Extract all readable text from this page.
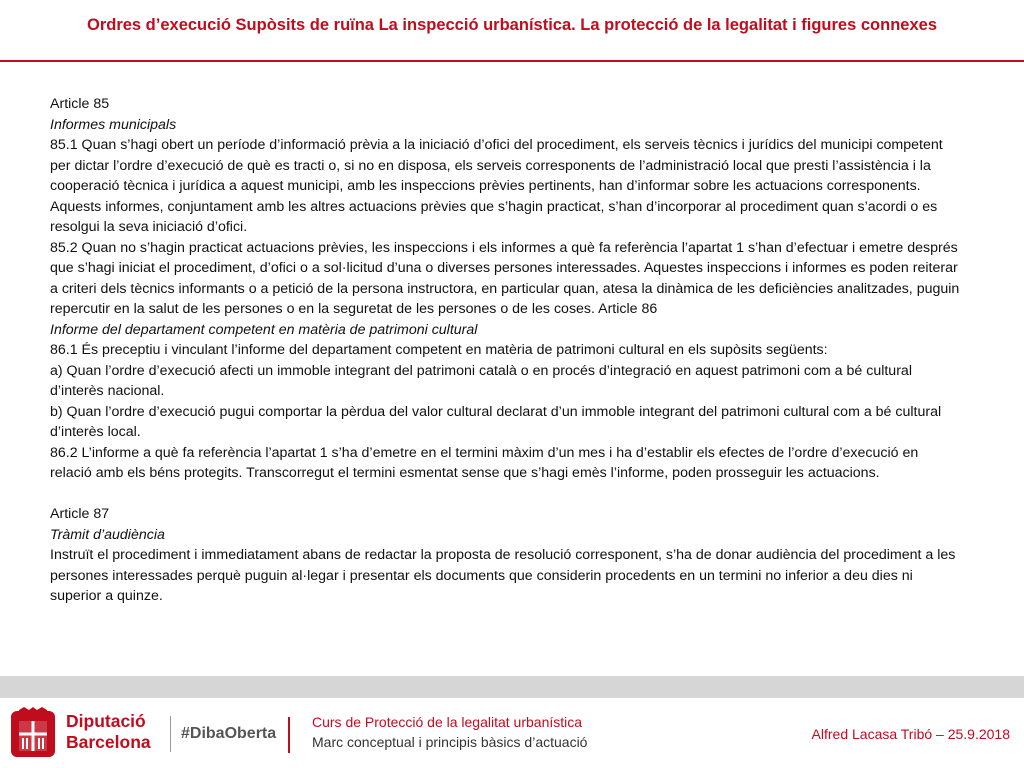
Ordres d’execució Supòsits de ruïna La inspecció urbanística. La protecció de la legalitat i figures connexes

Article 85

Informes municipals

85.1 Quan s’hagi obert un període d’informació prèvia a la iniciació d’ofici del procediment, els serveis tècnics i jurídics del municipi competent per dictar l’ordre d’execució de què es tracti o, si no en disposa, els serveis corresponents de l’administració local que presti l’assistència i la cooperació tècnica i jurídica a aquest municipi, amb les inspeccions prèvies pertinents, han d’informar sobre les actuacions corresponents. Aquests informes, conjuntament amb les altres actuacions prèvies que s’hagin practicat, s’han d’incorporar al procediment quan s’acordi o es resolgui la seva iniciació d’ofici.

85.2 Quan no s’hagin practicat actuacions prèvies, les inspeccions i els informes a què fa referència l’apartat 1 s’han d’efectuar i emetre després que s’hagi iniciat el procediment, d’ofici o a sol·licitud d’una o diverses persones interessades. Aquestes inspeccions i informes es poden reiterar a criteri dels tècnics informants o a petició de la persona instructora, en particular quan, atesa la dinàmica de les deficiències analitzades, puguin repercutir en la salut de les persones o en la seguretat de les persones o de les coses. Article 86

Informe del departament competent en matèria de patrimoni cultural

86.1 És preceptiu i vinculant l’informe del departament competent en matèria de patrimoni cultural en els supòsits següents:

a) Quan l’ordre d’execució afecti un immoble integrant del patrimoni català o en procés d’integració en aquest patrimoni com a bé cultural d’interès nacional.

b) Quan l’ordre d’execució pugui comportar la pèrdua del valor cultural declarat d’un immoble integrant del patrimoni cultural com a bé cultural d’interès local.

86.2 L’informe a què fa referència l’apartat 1 s’ha d’emetre en el termini màxim d’un mes i ha d’establir els efectes de l’ordre d’execució en relació amb els béns protegits. Transcorregut el termini esmentat sense que s’hagi emès l’informe, poden prosseguir les actuacions.

Article 87

Tràmit d’audiència

Instruït el procediment i immediatament abans de redactar la proposta de resolució corresponent, s’ha de donar audiència del procediment a les persones interessades perquè puguin al·legar i presentar els documents que considerin procedents en un termini no inferior a deu dies ni superior a quinze.

Diputació
Barcelona #DibaOberta
Curs de Protecció de la legalitat urbanística
Marc conceptual i principis bàsics d’actuació	Alfred Lacasa Tribó – 25.9.2018
